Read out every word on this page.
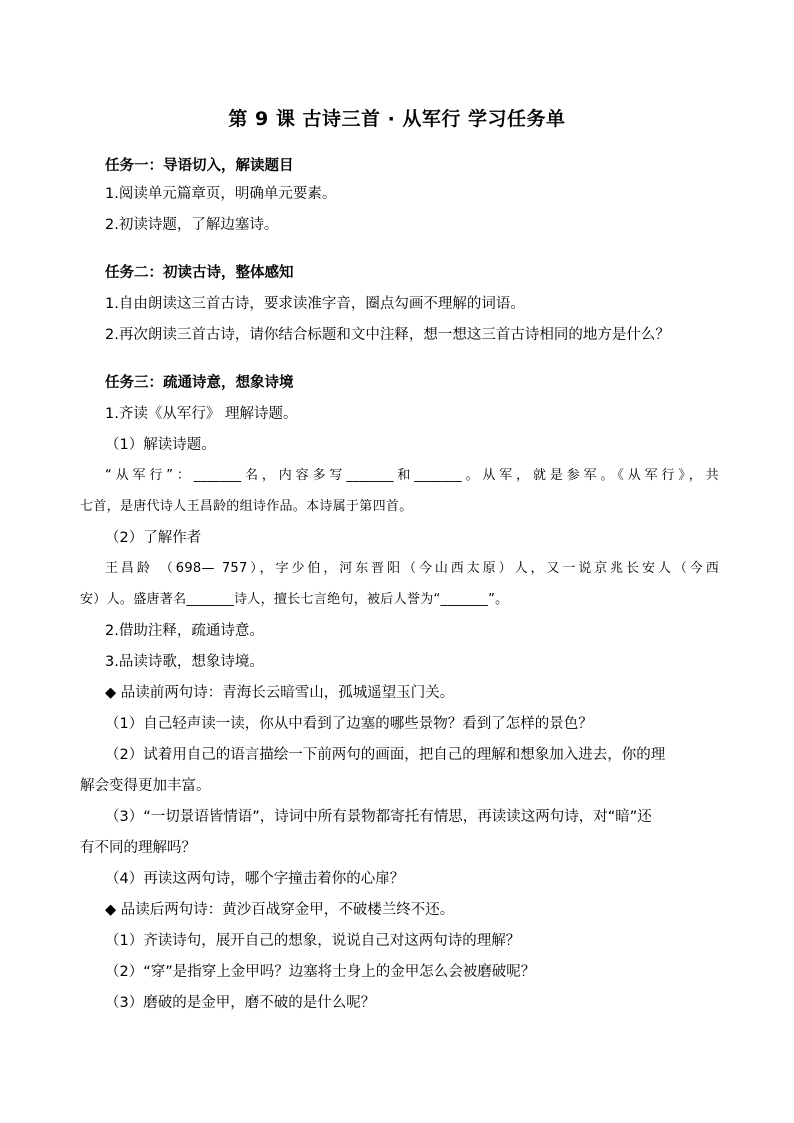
第 9 课 古诗三首 · 从军行 学习任务单
任务一：导语切入，解读题目
1.阅读单元篇章页，明确单元要素。
2.初读诗题，了解边塞诗。
任务二：初读古诗，整体感知
1.自由朗读这三首古诗，要求读准字音，圈点勾画不理解的词语。
2.再次朗读三首古诗，请你结合标题和文中注释，想一想这三首古诗相同的地方是什么？
任务三：疏通诗意，想象诗境
1.齐读《从军行》 理解诗题。
（1）解读诗题。
“从军行”：_______名，内容多写_______和_______。从军，就是参军。《从军行》，共
七首，是唐代诗人王昌龄的组诗作品。本诗属于第四首。
（2）了解作者
王昌龄 （698— 757），字少伯，河东晋阳（今山西太原）人，又一说京兆长安人（今西
安）人。盛唐著名_______诗人，擅长七言绝句，被后人誉为“_______”。
2.借助注释，疏通诗意。
3.品读诗歌，想象诗境。
◆ 品读前两句诗：青海长云暗雪山，孤城遥望玉门关。
（1）自己轻声读一读，你从中看到了边塞的哪些景物？看到了怎样的景色？
（2）试着用自己的语言描绘一下前两句的画面，把自己的理解和想象加入进去，你的理
解会变得更加丰富。
（3）“一切景语皆情语”，诗词中所有景物都寄托有情思，再读读这两句诗，对“暗”还
有不同的理解吗？
（4）再读这两句诗，哪个字撞击着你的心扉？
◆ 品读后两句诗：黄沙百战穿金甲，不破楼兰终不还。
（1）齐读诗句，展开自己的想象，说说自己对这两句诗的理解？
（2）“穿”是指穿上金甲吗？边塞将士身上的金甲怎么会被磨破呢？
（3）磨破的是金甲，磨不破的是什么呢？
